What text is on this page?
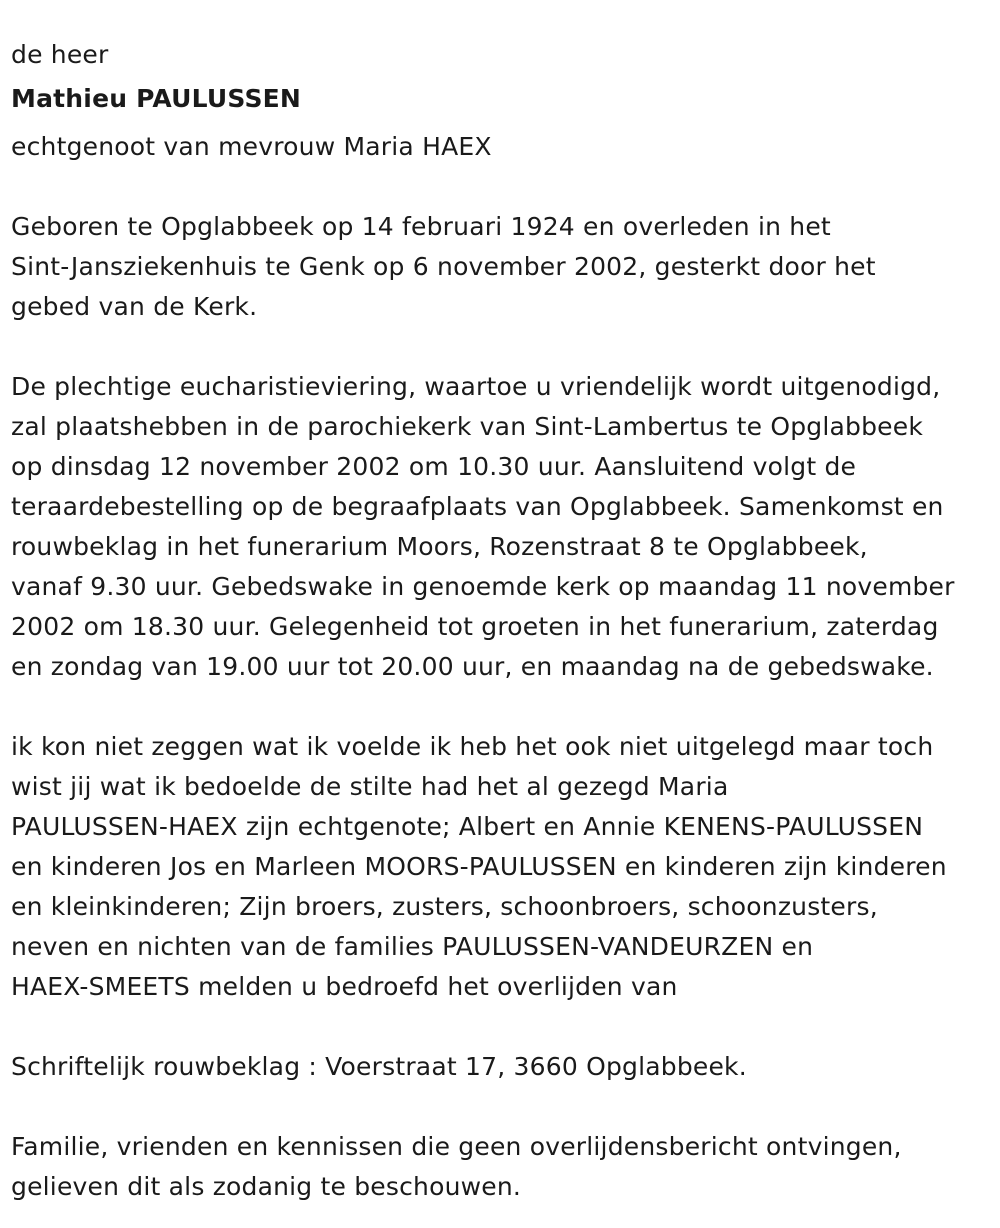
de heer

Mathieu PAULUSSEN

echtgenoot van mevrouw Maria HAEX

Geboren te Opglabbeek op 14 februari 1924 en overleden in het

Sint-Jansziekenhuis te Genk op 6 november 2002, gesterkt door het

gebed van de Kerk.

De plechtige eucharistieviering, waartoe u vriendelijk wordt uitgenodigd,

zal plaatshebben in de parochiekerk van Sint-Lambertus te Opglabbeek

op dinsdag 12 november 2002 om 10.30 uur. Aansluitend volgt de

teraardebestelling op de begraafplaats van Opglabbeek. Samenkomst en

rouwbeklag in het funerarium Moors, Rozenstraat 8 te Opglabbeek,

vanaf 9.30 uur. Gebedswake in genoemde kerk op maandag 11 november

2002 om 18.30 uur. Gelegenheid tot groeten in het funerarium, zaterdag

en zondag van 19.00 uur tot 20.00 uur, en maandag na de gebedswake.

ik kon niet zeggen wat ik voelde ik heb het ook niet uitgelegd maar toch

wist jij wat ik bedoelde de stilte had het al gezegd Maria

PAULUSSEN-HAEX zijn echtgenote; Albert en Annie KENENS-PAULUSSEN

en kinderen Jos en Marleen MOORS-PAULUSSEN en kinderen zijn kinderen

en kleinkinderen; Zijn broers, zusters, schoonbroers, schoonzusters,

neven en nichten van de families PAULUSSEN-VANDEURZEN en

HAEX-SMEETS melden u bedroefd het overlijden van

Schriftelijk rouwbeklag : Voerstraat 17, 3660 Opglabbeek.

Familie, vrienden en kennissen die geen overlijdensbericht ontvingen,

gelieven dit als zodanig te beschouwen.
